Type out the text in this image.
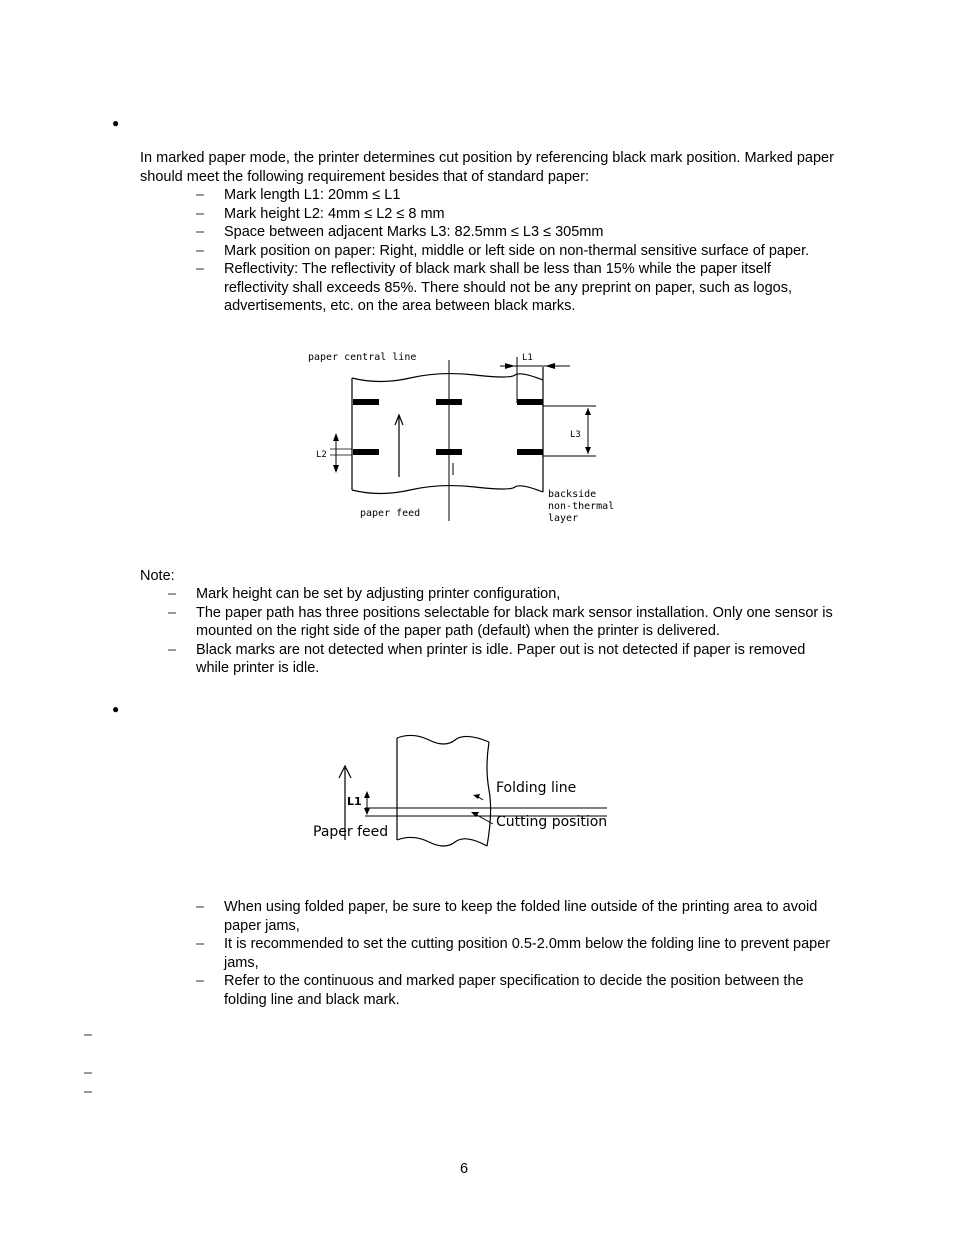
●
In marked paper mode, the printer determines cut position by referencing black mark position. Marked paper should meet the following requirement besides that of standard paper:
– Mark length L1: 20mm ≤ L1
– Mark height L2: 4mm ≤ L2 ≤ 8 mm
– Space between adjacent Marks L3: 82.5mm ≤ L3 ≤ 305mm
– Mark position on paper: Right, middle or left side on non-thermal sensitive surface of paper.
– Reflectivity: The reflectivity of black mark shall be less than 15% while the paper itself reflectivity shall exceeds 85%. There should not be any preprint on paper, such as logos, advertisements, etc. on the area between black marks.
paper central line	L1
L3
L2
paper feed
backside
non-thermal
layer
Note:
– Mark height can be set by adjusting printer configuration,
– The paper path has three positions selectable for black mark sensor installation. Only one sensor is mounted on the right side of the paper path (default) when the printer is delivered.
– Black marks are not detected when printer is idle. Paper out is not detected if paper is removed while printer is idle.
●
L1
Folding line
Cutting position
Paper feed
– When using folded paper, be sure to keep the folded line outside of the printing area to avoid paper jams,
– It is recommended to set the cutting position 0.5-2.0mm below the folding line to prevent paper jams,
– Refer to the continuous and marked paper specification to decide the position between the folding line and black mark.
–
–
–
6
